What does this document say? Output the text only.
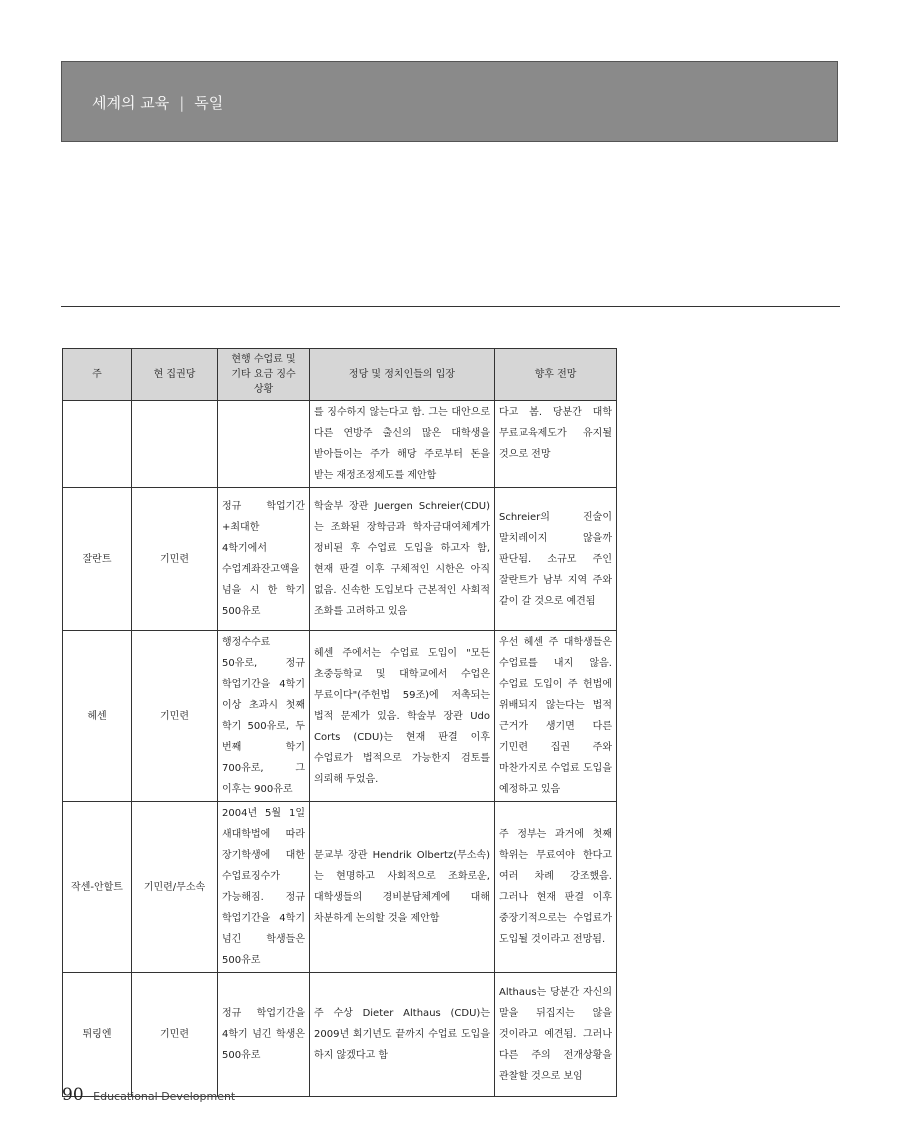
세계의 교육 | 독일
주	현 집권당	현행 수업료 및 기타 요금 징수 상황	정당 및 정치인들의 입장	향후 전망
			를 징수하지 않는다고 함. 그는 대안으로 다른 연방주 출신의 많은 대학생을 받아들이는 주가 해당 주로부터 돈을 받는 재정조정제도를 제안함	다고 봄. 당분간 대학 무료교육제도가 유지될 것으로 전망
잘란트	기민련	정규 학업기간+최대한 4학기에서 수업계좌잔고액을 넘을 시 한 학기 500유로	학술부 장관 Juergen Schreier(CDU)는 조화된 장학금과 학자금대여체계가 정비된 후 수업료 도입을 하고자 함, 현재 판결 이후 구체적인 시한은 아직 없음. 신속한 도입보다 근본적인 사회적 조화를 고려하고 있음	Schreier의 진술이 말치레이지 않을까 판단됨. 소규모 주인 잘란트가 남부 지역 주와 같이 갈 것으로 예견됨
헤센	기민련	행정수수료 50유로, 정규 학업기간을 4학기 이상 초과시 첫째 학기 500유로, 두 번째 학기 700유로, 그 이후는 900유로	헤센 주에서는 수업료 도입이 "모든 초중등학교 및 대학교에서 수업은 무료이다"(주헌법 59조)에 저촉되는 법적 문제가 있음. 학술부 장관 Udo Corts (CDU)는 현재 판결 이후 수업료가 법적으로 가능한지 검토를 의뢰해 두었음.	우선 헤센 주 대학생들은 수업료를 내지 않음. 수업료 도입이 주 헌법에 위배되지 않는다는 법적 근거가 생기면 다른 기민련 집권 주와 마찬가지로 수업료 도입을 예정하고 있음
작센-안할트	기민련/무소속	2004년 5월 1일 새대학법에 따라 장기학생에 대한 수업료징수가 가능해짐. 정규 학업기간을 4학기 넘긴 학생들은 500유로	문교부 장관 Hendrik Olbertz(무소속)는 현명하고 사회적으로 조화로운, 대학생들의 경비분담체계에 대해 차분하게 논의할 것을 제안함	주 정부는 과거에 첫째 학위는 무료여야 한다고 여러 차례 강조했음. 그러나 현재 판결 이후 중장기적으로는 수업료가 도입될 것이라고 전망됨.
튀링엔	기민련	정규 학업기간을 4학기 넘긴 학생은 500유로	주 수상 Dieter Althaus (CDU)는 2009년 회기년도 끝까지 수업료 도입을 하지 않겠다고 함	Althaus는 당분간 자신의 말을 뒤집지는 않을 것이라고 예견됨. 그러나 다른 주의 전개상황을 관찰할 것으로 보임
90 Educational Development
